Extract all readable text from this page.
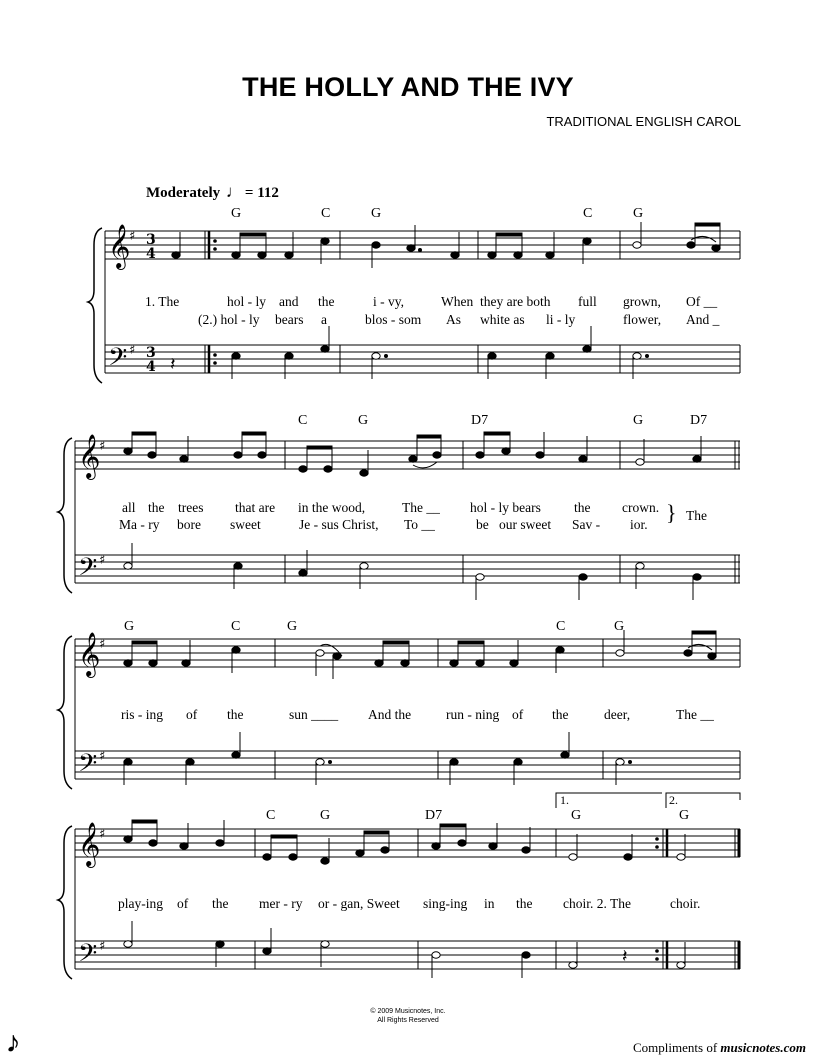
THE HOLLY AND THE IVY
TRADITIONAL ENGLISH CAROL
Moderately ♩ = 112
𝄞
𝄢
♯
♯
3
4
3
4
𝄞
♯
𝄢 ♯
𝄞
♯
𝄢 ♯
𝄞
♯
𝄢 ♯
𝄽
𝄽
G	C	G	C	G
1. The	hol - ly and the	i - vy,	When they are both full grown, Of __
(2.) hol - ly bears a	blos - som As white as li - ly	flower, And _
C	G	D7	G	D7
all the trees that are in the wood,	The __ hol - ly bears the crown.
Ma - ry bore sweet	Je - sus Christ, To __	be our sweet Sav - ior. } The
G	C	G	C	G
ris - ing of the	sun ____ And the	run - ning of the	deer,	The __
1.	2.
C	G	D7	G	G
play-ing of the mer - ry or - gan, Sweet sing-ing in the choir. 2. The	choir.
© 2009 Musicnotes, Inc.
All Rights Reserved
𝅘𝅥𝅮	Compliments of musicnotes.com
